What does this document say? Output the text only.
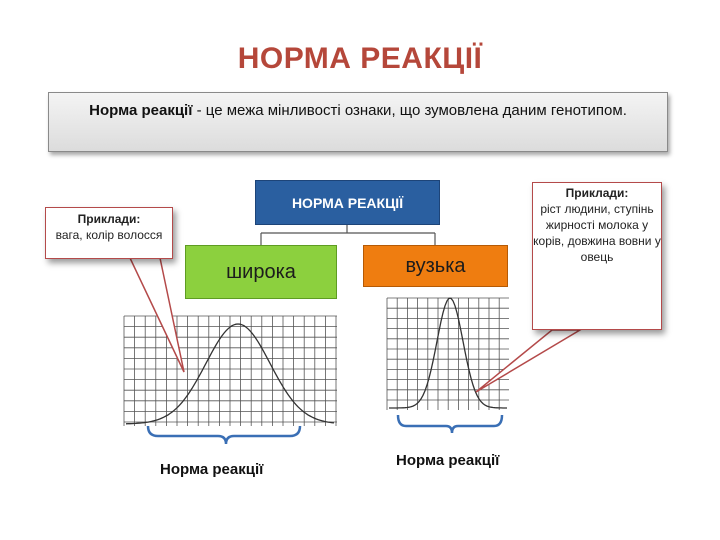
НОРМА РЕАКЦІЇ
Норма реакції - це межа мінливості ознаки, що зумовлена даним генотипом.
НОРМА РЕАКЦІЇ
широка	вузька
Приклади:
вага, колір волосся
Приклади:
ріст людини, ступінь жирності молока у корів, довжина вовни у овець
Норма реакції
Норма реакції
